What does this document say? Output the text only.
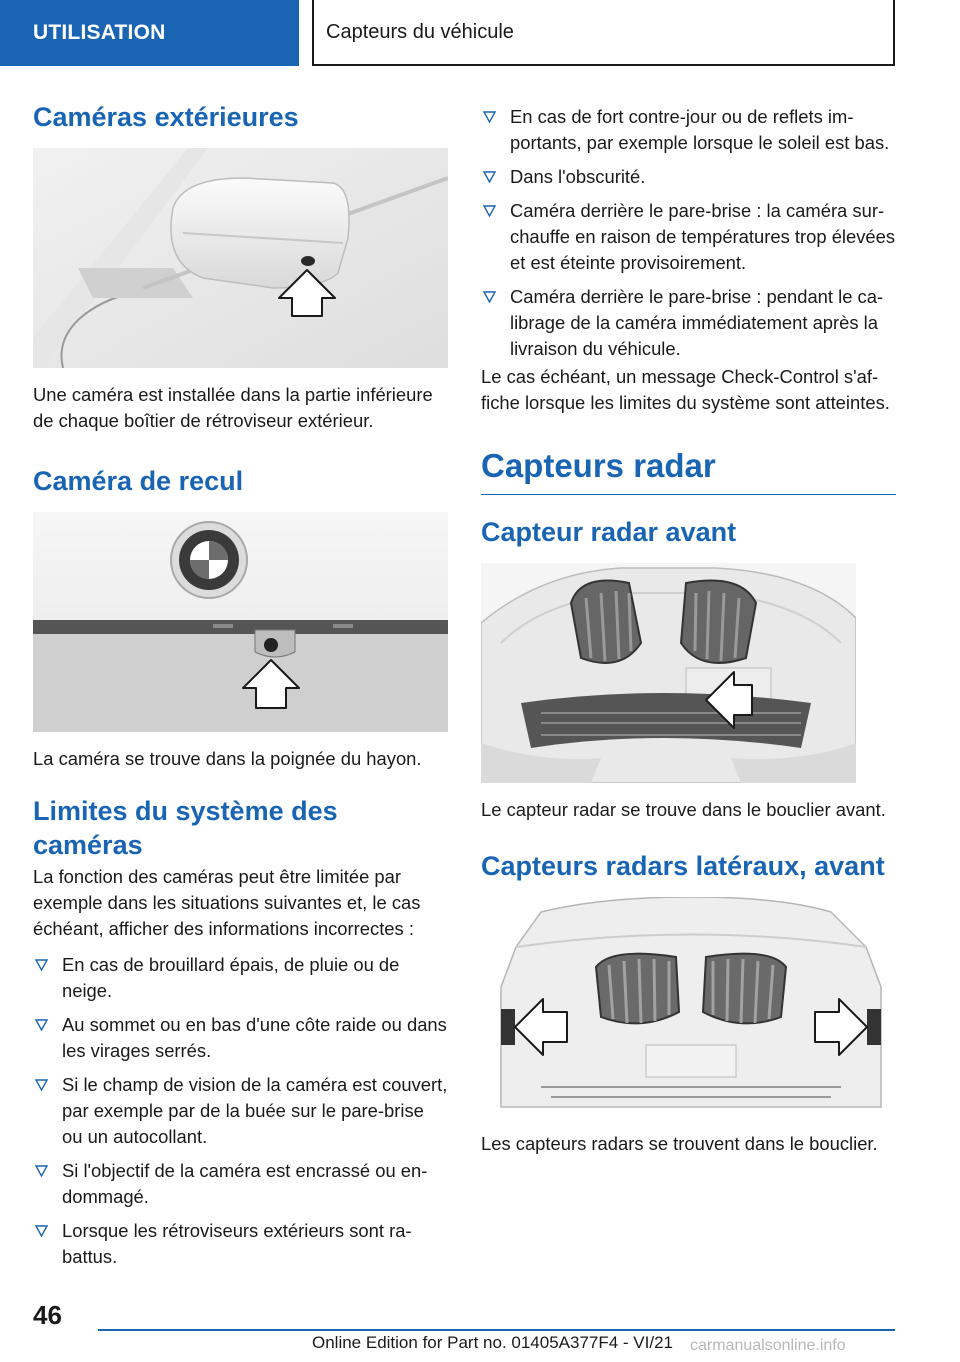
UTILISATION	Capteurs du véhicule
Caméras extérieures
Une caméra est installée dans la partie inférieure de chaque boîtier de rétroviseur extérieur.
Caméra de recul
La caméra se trouve dans la poignée du hayon.
Limites du système des caméras
La fonction des caméras peut être limitée par exemple dans les situations suivantes et, le cas échéant, afficher des informations incorrectes :
En cas de brouillard épais, de pluie ou de neige.
Au sommet ou en bas d'une côte raide ou dans les virages serrés.
Si le champ de vision de la caméra est couvert, par exemple par de la buée sur le pare-brise ou un autocollant.
Si l'objectif de la caméra est encrassé ou endommagé.
Lorsque les rétroviseurs extérieurs sont rabattus.
En cas de fort contre-jour ou de reflets importants, par exemple lorsque le soleil est bas.
Dans l'obscurité.
Caméra derrière le pare-brise : la caméra surchauffe en raison de températures trop élevées et est éteinte provisoirement.
Caméra derrière le pare-brise : pendant le calibrage de la caméra immédiatement après la livraison du véhicule.
Le cas échéant, un message Check-Control s'affiche lorsque les limites du système sont atteintes.
Capteurs radar
Capteur radar avant
Le capteur radar se trouve dans le bouclier avant.
Capteurs radars latéraux, avant
Les capteurs radars se trouvent dans le bouclier.
46
Online Edition for Part no. 01405A377F4 - VI/21 carmanualsonline.info
